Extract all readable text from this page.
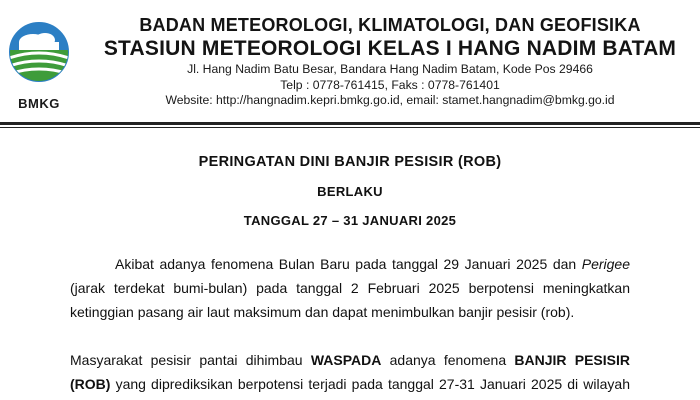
BMKG
BADAN METEOROLOGI, KLIMATOLOGI, DAN GEOFISIKA
STASIUN METEOROLOGI KELAS I HANG NADIM BATAM
Jl. Hang Nadim Batu Besar, Bandara Hang Nadim Batam, Kode Pos 29466
Telp : 0778-761415, Faks : 0778-761401
Website: http://hangnadim.kepri.bmkg.go.id, email: stamet.hangnadim@bmkg.go.id
PERINGATAN DINI BANJIR PESISIR (ROB)
BERLAKU
TANGGAL 27 – 31 JANUARI 2025
Akibat adanya fenomena Bulan Baru pada tanggal 29 Januari 2025 dan Perigee
(jarak terdekat bumi-bulan) pada tanggal 2 Februari 2025 berpotensi meningkatkan
ketinggian pasang air laut maksimum dan dapat menimbulkan banjir pesisir (rob).
Masyarakat pesisir pantai dihimbau WASPADA adanya fenomena BANJIR PESISIR
(ROB) yang diprediksikan berpotensi terjadi pada tanggal 27-31 Januari 2025 di wilayah
